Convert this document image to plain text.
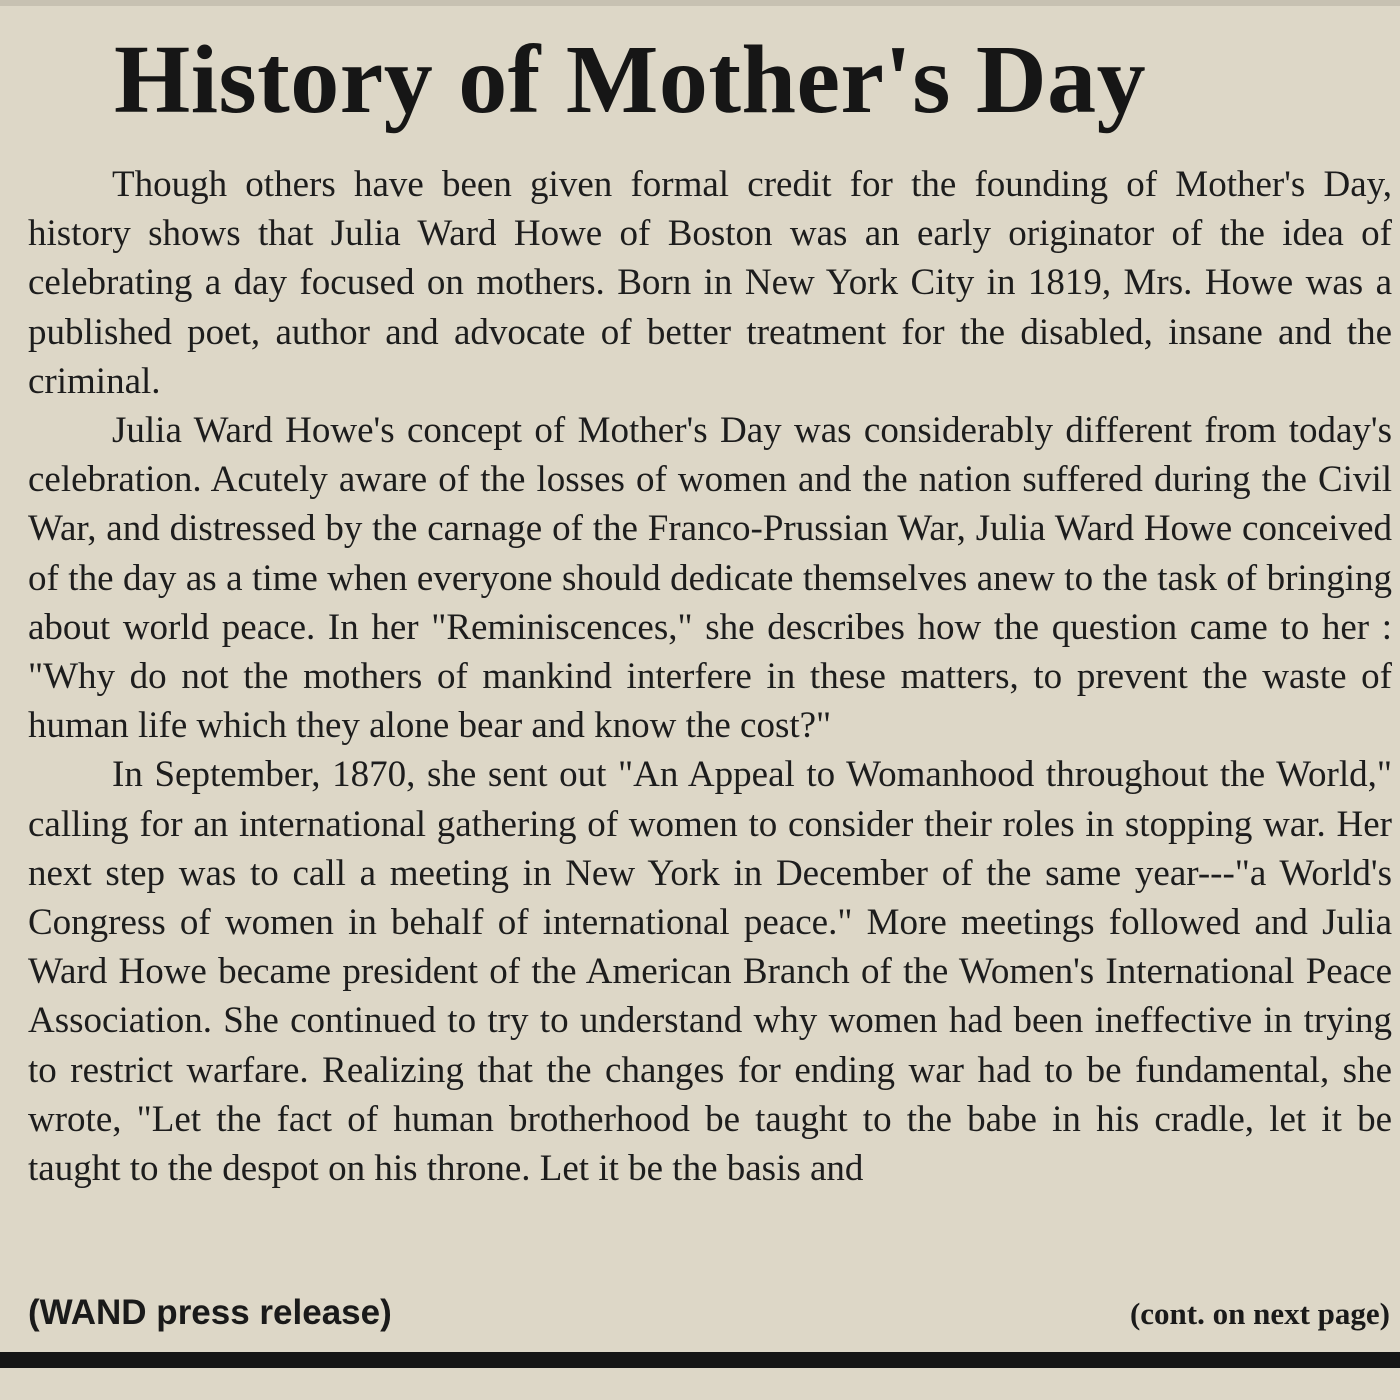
History of Mother's Day

Though others have been given formal credit for the founding of Mother's Day, history shows that Julia Ward Howe of Boston was an early originator of the idea of celebrating a day focused on mothers. Born in New York City in 1819, Mrs. Howe was a published poet, author and advocate of better treatment for the disabled, insane and the criminal.

Julia Ward Howe's concept of Mother's Day was considerably different from today's celebration. Acutely aware of the losses of women and the nation suffered during the Civil War, and distressed by the carnage of the Franco-Prussian War, Julia Ward Howe conceived of the day as a time when everyone should dedicate themselves anew to the task of bringing about world peace. In her "Reminiscences," she describes how the question came to her : "Why do not the mothers of mankind interfere in these matters, to prevent the waste of human life which they alone bear and know the cost?"

In September, 1870, she sent out "An Appeal to Womanhood throughout the World," calling for an international gathering of women to consider their roles in stopping war. Her next step was to call a meeting in New York in December of the same year---"a World's Congress of women in behalf of international peace." More meetings followed and Julia Ward Howe became president of the American Branch of the Women's International Peace Association. She continued to try to understand why women had been ineffective in trying to restrict warfare. Realizing that the changes for ending war had to be fundamental, she wrote, "Let the fact of human brotherhood be taught to the babe in his cradle, let it be taught to the despot on his throne. Let it be the basis and

(WAND press release)	(cont. on next page)
